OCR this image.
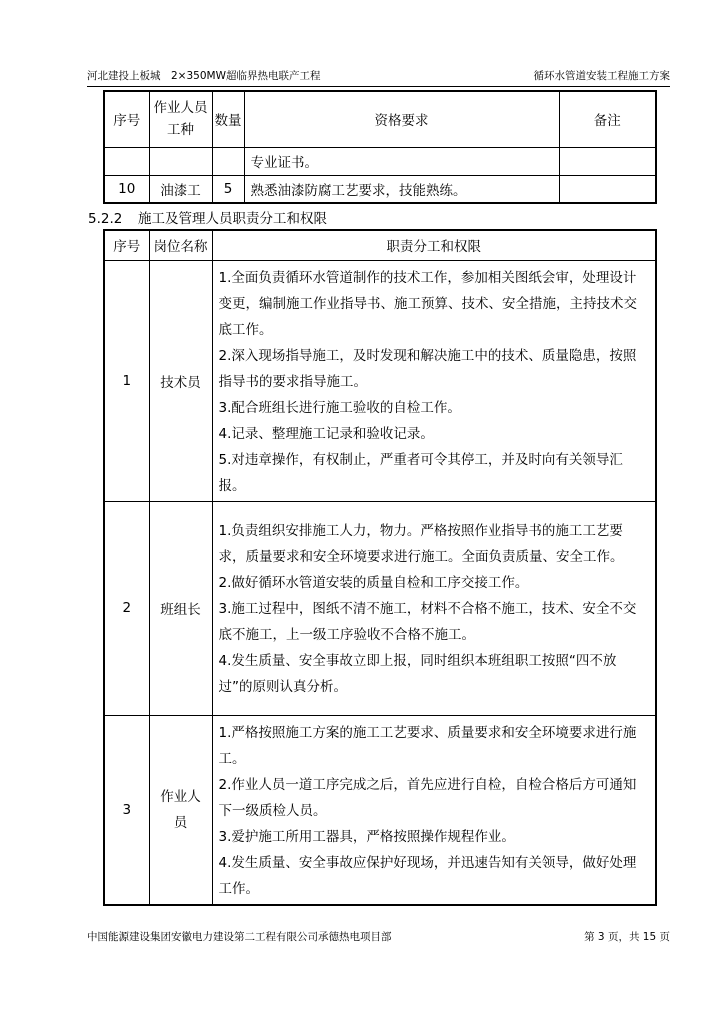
河北建投上板城　2×350MW超临界热电联产工程	循环水管道安装工程施工方案
序号	作业人员工种	数量	资格要求	备注
			专业证书。	
10	油漆工	5	熟悉油漆防腐工艺要求，技能熟练。	
5.2.2 施工及管理人员职责分工和权限
序号	岗位名称	职责分工和权限
1	技术员	1.全面负责循环水管道制作的技术工作，参加相关图纸会审，处理设计变更，编制施工作业指导书、施工预算、技术、安全措施，主持技术交底工作。
2.深入现场指导施工，及时发现和解决施工中的技术、质量隐患，按照指导书的要求指导施工。
3.配合班组长进行施工验收的自检工作。
4.记录、整理施工记录和验收记录。
5.对违章操作，有权制止，严重者可令其停工，并及时向有关领导汇报。

2	班组长	1.负责组织安排施工人力，物力。严格按照作业指导书的施工工艺要求，质量要求和安全环境要求进行施工。全面负责质量、安全工作。
2.做好循环水管道安装的质量自检和工序交接工作。
3.施工过程中，图纸不清不施工，材料不合格不施工，技术、安全不交底不施工，上一级工序验收不合格不施工。
4.发生质量、安全事故立即上报，同时组织本班组职工按照“四不放过”的原则认真分析。

3	作业人员	1.严格按照施工方案的施工工艺要求、质量要求和安全环境要求进行施工。
2.作业人员一道工序完成之后，首先应进行自检，自检合格后方可通知下一级质检人员。
3.爱护施工所用工器具，严格按照操作规程作业。
4.发生质量、安全事故应保护好现场，并迅速告知有关领导，做好处理工作。
中国能源建设集团安徽电力建设第二工程有限公司承德热电项目部	第 3 页，共 15 页
